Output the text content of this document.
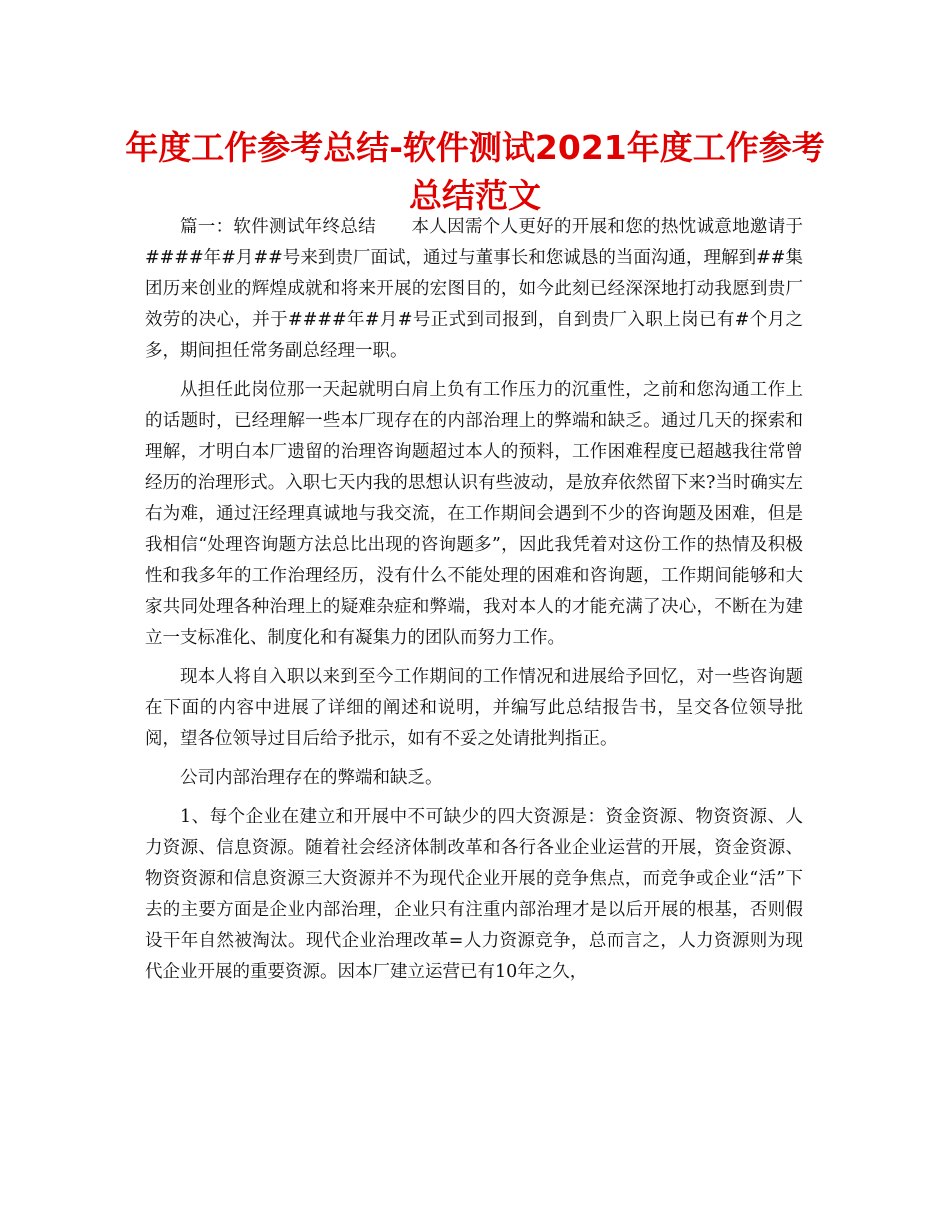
年度工作参考总结-软件测试2021年度工作参考总结范文

篇一：软件测试年终总结　　本人因需个人更好的开展和您的热忱诚意地邀请于####年#月##号来到贵厂面试，通过与董事长和您诚恳的当面沟通，理解到##集团历来创业的辉煌成就和将来开展的宏图目的，如今此刻已经深深地打动我愿到贵厂效劳的决心，并于####年#月#号正式到司报到，自到贵厂入职上岗已有#个月之多，期间担任常务副总经理一职。

从担任此岗位那一天起就明白肩上负有工作压力的沉重性，之前和您沟通工作上的话题时，已经理解一些本厂现存在的内部治理上的弊端和缺乏。通过几天的探索和理解，才明白本厂遗留的治理咨询题超过本人的预料，工作困难程度已超越我往常曾经历的治理形式。入职七天内我的思想认识有些波动，是放弃依然留下来?当时确实左右为难，通过汪经理真诚地与我交流，在工作期间会遇到不少的咨询题及困难，但是我相信“处理咨询题方法总比出现的咨询题多”，因此我凭着对这份工作的热情及积极性和我多年的工作治理经历，没有什么不能处理的困难和咨询题，工作期间能够和大家共同处理各种治理上的疑难杂症和弊端，我对本人的才能充满了决心，不断在为建立一支标准化、制度化和有凝集力的团队而努力工作。

现本人将自入职以来到至今工作期间的工作情况和进展给予回忆，对一些咨询题在下面的内容中进展了详细的阐述和说明，并编写此总结报告书，呈交各位领导批阅，望各位领导过目后给予批示，如有不妥之处请批判指正。

公司内部治理存在的弊端和缺乏。

1、每个企业在建立和开展中不可缺少的四大资源是：资金资源、物资资源、人力资源、信息资源。随着社会经济体制改革和各行各业企业运营的开展，资金资源、物资资源和信息资源三大资源并不为现代企业开展的竞争焦点，而竞争或企业“活”下去的主要方面是企业内部治理，企业只有注重内部治理才是以后开展的根基，否则假设干年自然被淘汰。现代企业治理改革=人力资源竞争，总而言之，人力资源则为现代企业开展的重要资源。因本厂建立运营已有10年之久，
